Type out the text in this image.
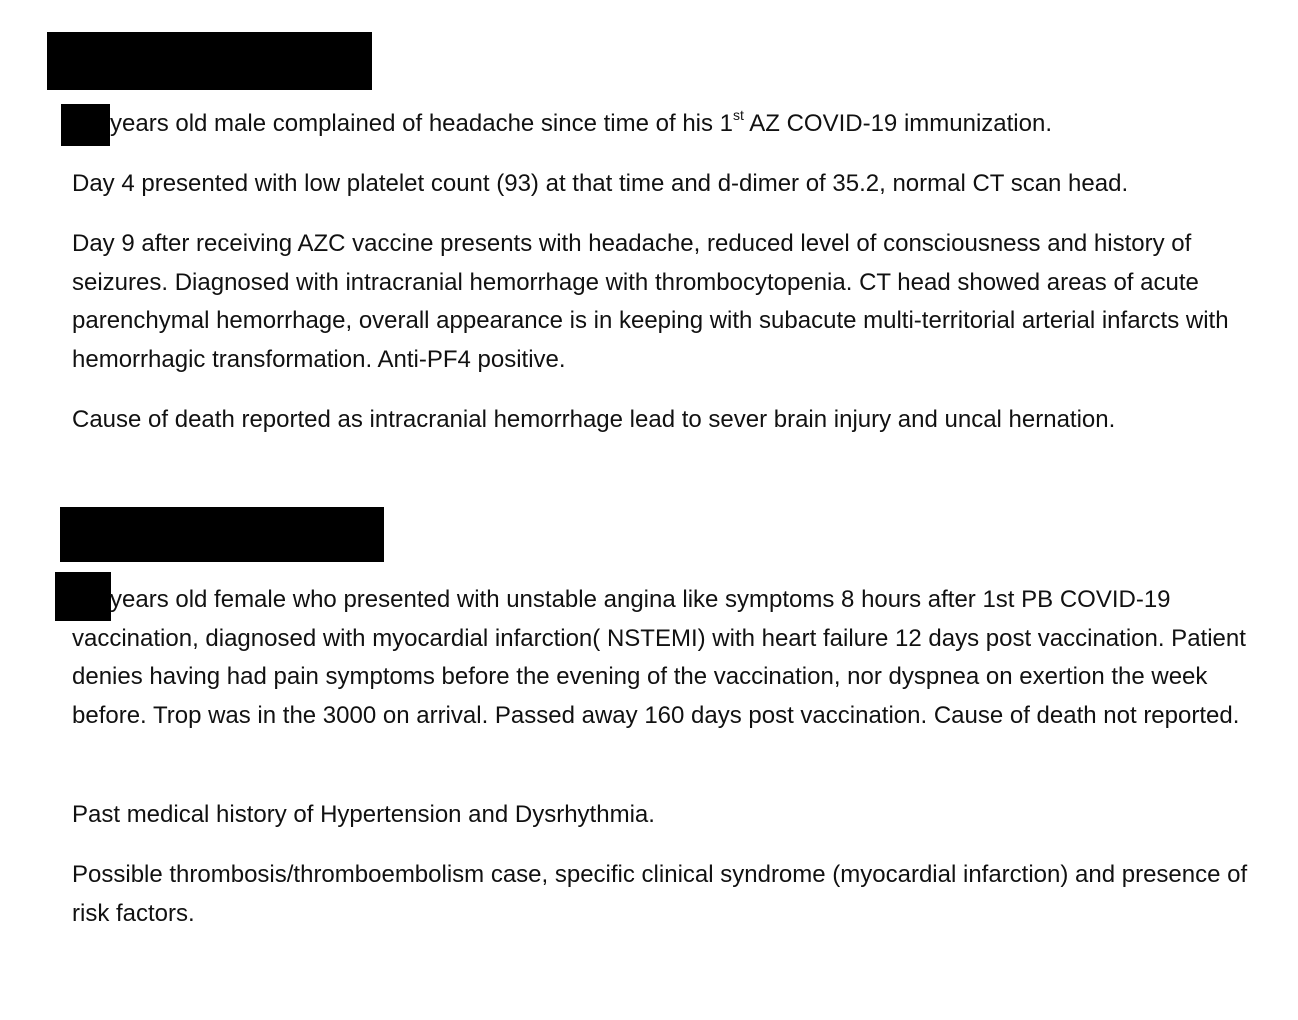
years old male complained of headache since time of his 1st AZ COVID-19 immunization.

Day 4 presented with low platelet count (93) at that time and d-dimer of 35.2, normal CT scan head.

Day 9 after receiving AZC vaccine presents with headache, reduced level of consciousness and history of seizures. Diagnosed with intracranial hemorrhage with thrombocytopenia. CT head showed areas of acute parenchymal hemorrhage, overall appearance is in keeping with subacute multi-territorial arterial infarcts with hemorrhagic transformation. Anti-PF4 positive.

Cause of death reported as intracranial hemorrhage lead to sever brain injury and uncal hernation.

years old female who presented with unstable angina like symptoms 8 hours after 1st PB COVID-19 vaccination, diagnosed with myocardial infarction( NSTEMI) with heart failure 12 days post vaccination. Patient denies having had pain symptoms before the evening of the vaccination, nor dyspnea on exertion the week before. Trop was in the 3000 on arrival. Passed away 160 days post vaccination. Cause of death not reported.

Past medical history of Hypertension and Dysrhythmia.

Possible thrombosis/thromboembolism case, specific clinical syndrome (myocardial infarction) and presence of risk factors.
